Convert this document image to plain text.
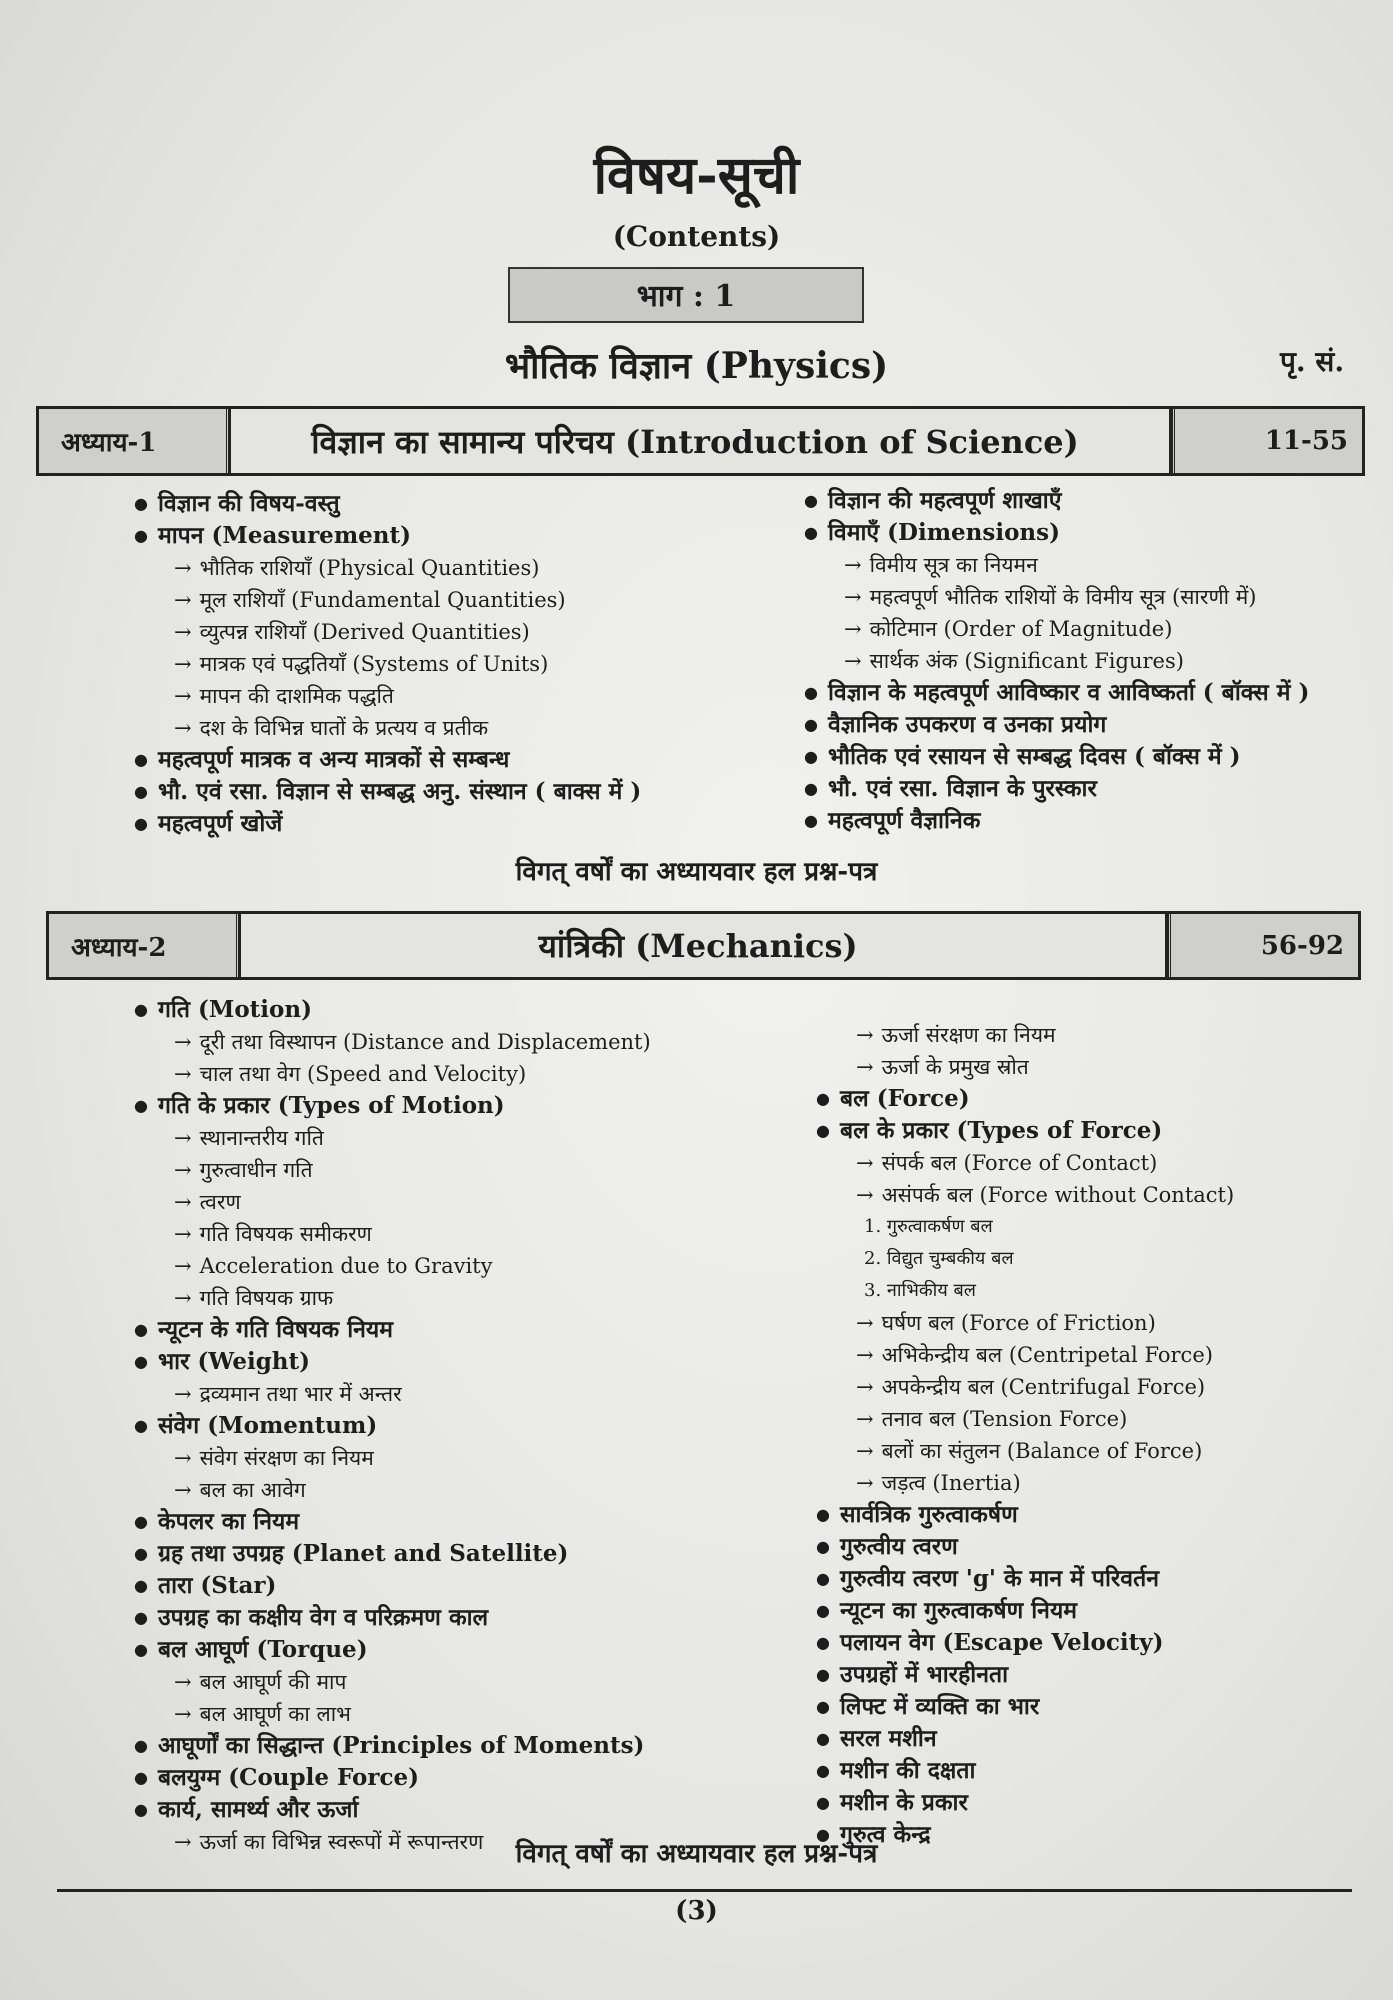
विषय-सूची
(Contents)
भाग : 1
भौतिक विज्ञान (Physics)	पृ. सं.
अध्याय-1	विज्ञान का सामान्य परिचय (Introduction of Science)	11-55
● विज्ञान की विषय-वस्तु
● मापन (Measurement)
→ भौतिक राशियाँ (Physical Quantities)
→ मूल राशियाँ (Fundamental Quantities)
→ व्युत्पन्न राशियाँ (Derived Quantities)
→ मात्रक एवं पद्धतियाँ (Systems of Units)
→ मापन की दाशमिक पद्धति
→ दश के विभिन्न घातों के प्रत्यय व प्रतीक
● महत्वपूर्ण मात्रक व अन्य मात्रकों से सम्बन्ध
● भौ. एवं रसा. विज्ञान से सम्बद्ध अनु. संस्थान ( बाक्स में )
● महत्वपूर्ण खोजें
● विज्ञान की महत्वपूर्ण शाखाएँ
● विमाएँ (Dimensions)
→ विमीय सूत्र का नियमन
→ महत्वपूर्ण भौतिक राशियों के विमीय सूत्र (सारणी में)
→ कोटिमान (Order of Magnitude)
→ सार्थक अंक (Significant Figures)
● विज्ञान के महत्वपूर्ण आविष्कार व आविष्कर्ता ( बॉक्स में )
● वैज्ञानिक उपकरण व उनका प्रयोग
● भौतिक एवं रसायन से सम्बद्ध दिवस ( बॉक्स में )
● भौ. एवं रसा. विज्ञान के पुरस्कार
● महत्वपूर्ण वैज्ञानिक
विगत् वर्षों का अध्यायवार हल प्रश्न-पत्र
अध्याय-2	यांत्रिकी (Mechanics)	56-92
● गति (Motion)
→ दूरी तथा विस्थापन (Distance and Displacement)
→ चाल तथा वेग (Speed and Velocity)
● गति के प्रकार (Types of Motion)
→ स्थानान्तरीय गति
→ गुरुत्वाधीन गति
→ त्वरण
→ गति विषयक समीकरण
→ Acceleration due to Gravity
→ गति विषयक ग्राफ
● न्यूटन के गति विषयक नियम
● भार (Weight)
→ द्रव्यमान तथा भार में अन्तर
● संवेग (Momentum)
→ संवेग संरक्षण का नियम
→ बल का आवेग
● केपलर का नियम
● ग्रह तथा उपग्रह (Planet and Satellite)
● तारा (Star)
● उपग्रह का कक्षीय वेग व परिक्रमण काल
● बल आघूर्ण (Torque)
→ बल आघूर्ण की माप
→ बल आघूर्ण का लाभ
● आघूर्णों का सिद्धान्त (Principles of Moments)
● बलयुग्म (Couple Force)
● कार्य, सामर्थ्य और ऊर्जा
→ ऊर्जा का विभिन्न स्वरूपों में रूपान्तरण
→ ऊर्जा संरक्षण का नियम
→ ऊर्जा के प्रमुख स्रोत
● बल (Force)
● बल के प्रकार (Types of Force)
→ संपर्क बल (Force of Contact)
→ असंपर्क बल (Force without Contact)
1. गुरुत्वाकर्षण बल
2. विद्युत चुम्बकीय बल
3. नाभिकीय बल
→ घर्षण बल (Force of Friction)
→ अभिकेन्द्रीय बल (Centripetal Force)
→ अपकेन्द्रीय बल (Centrifugal Force)
→ तनाव बल (Tension Force)
→ बलों का संतुलन (Balance of Force)
→ जड़त्व (Inertia)
● सार्वत्रिक गुरुत्वाकर्षण
● गुरुत्वीय त्वरण
● गुरुत्वीय त्वरण 'g' के मान में परिवर्तन
● न्यूटन का गुरुत्वाकर्षण नियम
● पलायन वेग (Escape Velocity)
● उपग्रहों में भारहीनता
● लिफ्ट में व्यक्ति का भार
● सरल मशीन
● मशीन की दक्षता
● मशीन के प्रकार
● गुरुत्व केन्द्र
विगत् वर्षों का अध्यायवार हल प्रश्न-पत्र
(3)
